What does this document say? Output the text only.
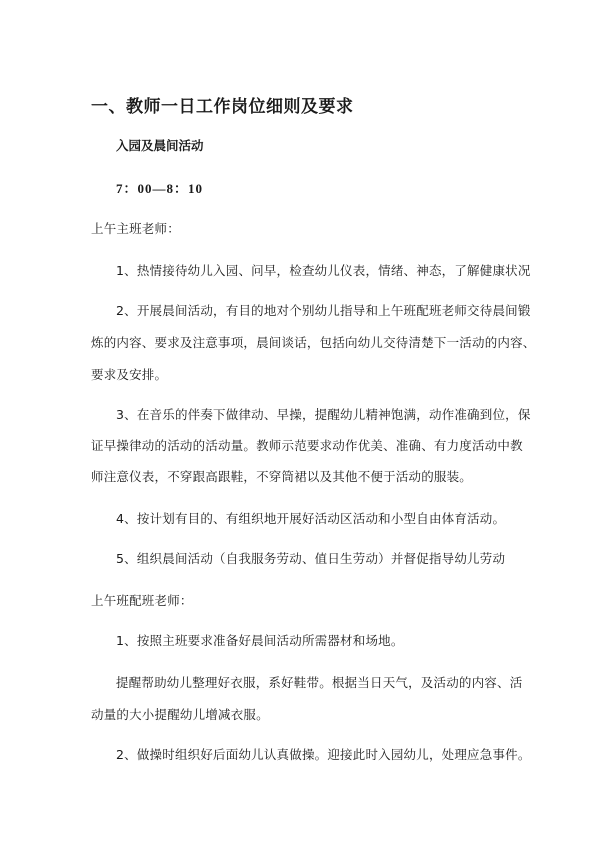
一、教师一日工作岗位细则及要求
入园及晨间活动
7：00—8：10
上午主班老师：
1、热情接待幼儿入园、问早，检查幼儿仪表，情绪、神态，了解健康状况
2、开展晨间活动，有目的地对个别幼儿指导和上午班配班老师交待晨间锻
炼的内容、要求及注意事项，晨间谈话，包括向幼儿交待清楚下一活动的内容、
要求及安排。
3、在音乐的伴奏下做律动、早操，提醒幼儿精神饱满，动作准确到位，保
证早操律动的活动的活动量。教师示范要求动作优美、准确、有力度活动中教
师注意仪表，不穿跟高跟鞋，不穿筒裙以及其他不便于活动的服装。
4、按计划有目的、有组织地开展好活动区活动和小型自由体育活动。
5、组织晨间活动（自我服务劳动、值日生劳动）并督促指导幼儿劳动
上午班配班老师：
1、按照主班要求准备好晨间活动所需器材和场地。
提醒帮助幼儿整理好衣服，系好鞋带。根据当日天气，及活动的内容、活
动量的大小提醒幼儿增减衣服。
2、做操时组织好后面幼儿认真做操。迎接此时入园幼儿，处理应急事件。
